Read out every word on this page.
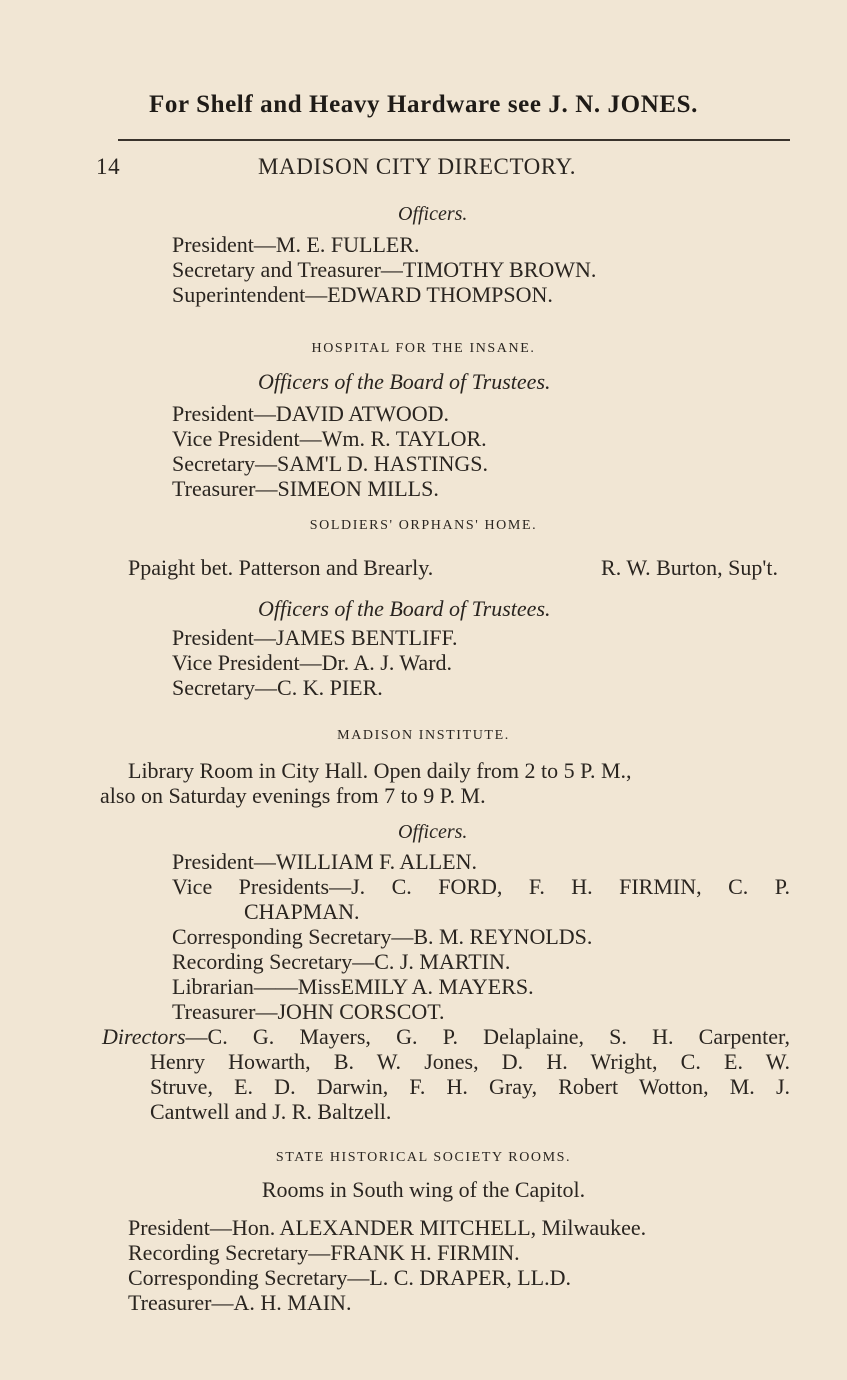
For Shelf and Heavy Hardware see J. N. JONES.
14	MADISON CITY DIRECTORY.
Officers.
President—M. E. FULLER.
Secretary and Treasurer—TIMOTHY BROWN.
Superintendent—EDWARD THOMPSON.
HOSPITAL FOR THE INSANE.
Officers of the Board of Trustees.
President—DAVID ATWOOD.
Vice President—Wm. R. TAYLOR.
Secretary—SAM'L D. HASTINGS.
Treasurer—SIMEON MILLS.
SOLDIERS' ORPHANS' HOME.
Ppaight bet. Patterson and Brearly.	R. W. Burton, Sup't.
Officers of the Board of Trustees.
President—JAMES BENTLIFF.
Vice President—Dr. A. J. Ward.
Secretary—C. K. PIER.
MADISON INSTITUTE.
Library Room in City Hall. Open daily from 2 to 5 P. M.,
also on Saturday evenings from 7 to 9 P. M.
Officers.
President—WILLIAM F. ALLEN.
Vice Presidents—J. C. FORD, F. H. FIRMIN, C. P.
CHAPMAN.
Corresponding Secretary—B. M. REYNOLDS.
Recording Secretary—C. J. MARTIN.
Librarian——MissEMILY A. MAYERS.
Treasurer—JOHN CORSCOT.
Directors —C. G. Mayers, G. P. Delaplaine, S. H. Carpenter,
Henry Howarth, B. W. Jones, D. H. Wright, C. E. W.
Struve, E. D. Darwin, F. H. Gray, Robert Wotton, M. J.
Cantwell and J. R. Baltzell.
STATE HISTORICAL SOCIETY ROOMS.
Rooms in South wing of the Capitol.
President—Hon. ALEXANDER MITCHELL, Milwaukee.
Recording Secretary—FRANK H. FIRMIN.
Corresponding Secretary—L. C. DRAPER, LL.D.
Treasurer—A. H. MAIN.
